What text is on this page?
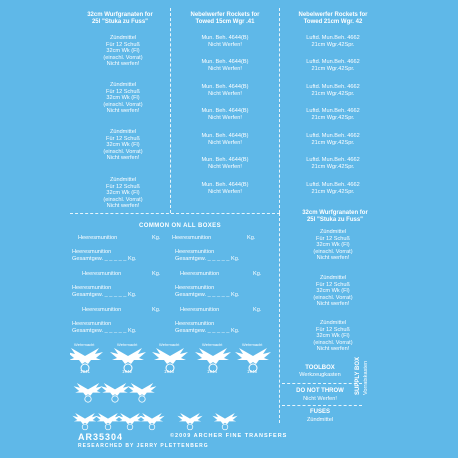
32cm Wurfgranaten for
25l "Stuka zu Fuss"
Zündmittel
Für 12 Schuß
32cm Wk (Fl)
(einschl. Vorrat)
Nicht werfen!
Zündmittel
Für 12 Schuß
32cm Wk (Fl)
(einschl. Vorrat)
Nicht werfen!
Zündmittel
Für 12 Schuß
32cm Wk (Fl)
(einschl. Vorrat)
Nicht werfen!
Zündmittel
Für 12 Schuß
32cm Wk (Fl)
(einschl. Vorrat)
Nicht werfen!
Nebelwerfer Rockets for
Towed 15cm Wgr .41
Mun. Beh. 4644(B)
Nicht Werfen!
Mun. Beh. 4644(B)
Nicht Werfen!
Mun. Beh. 4644(B)
Nicht Werfen!
Mun. Beh. 4644(B)
Nicht Werfen!
Mun. Beh. 4644(B)
Nicht Werfen!
Mun. Beh. 4644(B)
Nicht Werfen!
Mun. Beh. 4644(B)
Nicht Werfen!
Nebelwerfer Rockets for
Towed 21cm Wgr. 42
Luftd. Mun.Beh. 4662
21cm Wgr.42Spr.
Luftd. Mun.Beh. 4662
21cm Wgr.42Spr.
Luftd. Mun.Beh. 4662
21cm Wgr.42Spr.
Luftd. Mun.Beh. 4662
21cm Wgr.42Spr.
Luftd. Mun.Beh. 4662
21cm Wgr.42Spr.
Luftd. Mun.Beh. 4662
21cm Wgr.42Spr.
Luftd. Mun.Beh. 4662
21cm Wgr.42Spr.
COMMON ON ALL BOXES
Heeresmunition	Kg. Heeresmunition	Kg.
Heeresmunition
Gesamtgew. _ _ _ _ _ Kg.
Heeresmunition
Gesamtgew. _ _ _ _ _ Kg.
Heeresmunition	Kg.	Heeresmunition	Kg.
Heeresmunition
Gesamtgew. _ _ _ _ _ Kg.
Heeresmunition
Gesamtgew. _ _ _ _ _ Kg.
Heeresmunition	Kg.	Heeresmunition	Kg.
Heeresmunition
Gesamtgew. _ _ _ _ _ Kg.
Heeresmunition
Gesamtgew. _ _ _ _ _ Kg.
32cm Wurfgranaten for
25l "Stuka zu Fuss"
Zündmittel
Für 12 Schuß
32cm Wk (Fl)
(einschl. Vorrat)
Nicht werfen!
Zündmittel
Für 12 Schuß
32cm Wk (Fl)
(einschl. Vorrat)
Nicht werfen!
Zündmittel
Für 12 Schuß
32cm Wk (Fl)
(einschl. Vorrat)
Nicht werfen!
TOOLBOX
Werkzeugkasten
DO NOT THROW
Nicht Werfen!
FUSES
Zündmittel
SUPPLY BOX Vorratskasten
Wehrmacht	Wehrmacht	Wehrmacht	Wehrmacht	Wehrmacht
1941	1942	1943	1944	1945
AR35304	©2009 ARCHER FINE TRANSFERS
RESEARCHED BY JERRY PLETTENBERG
